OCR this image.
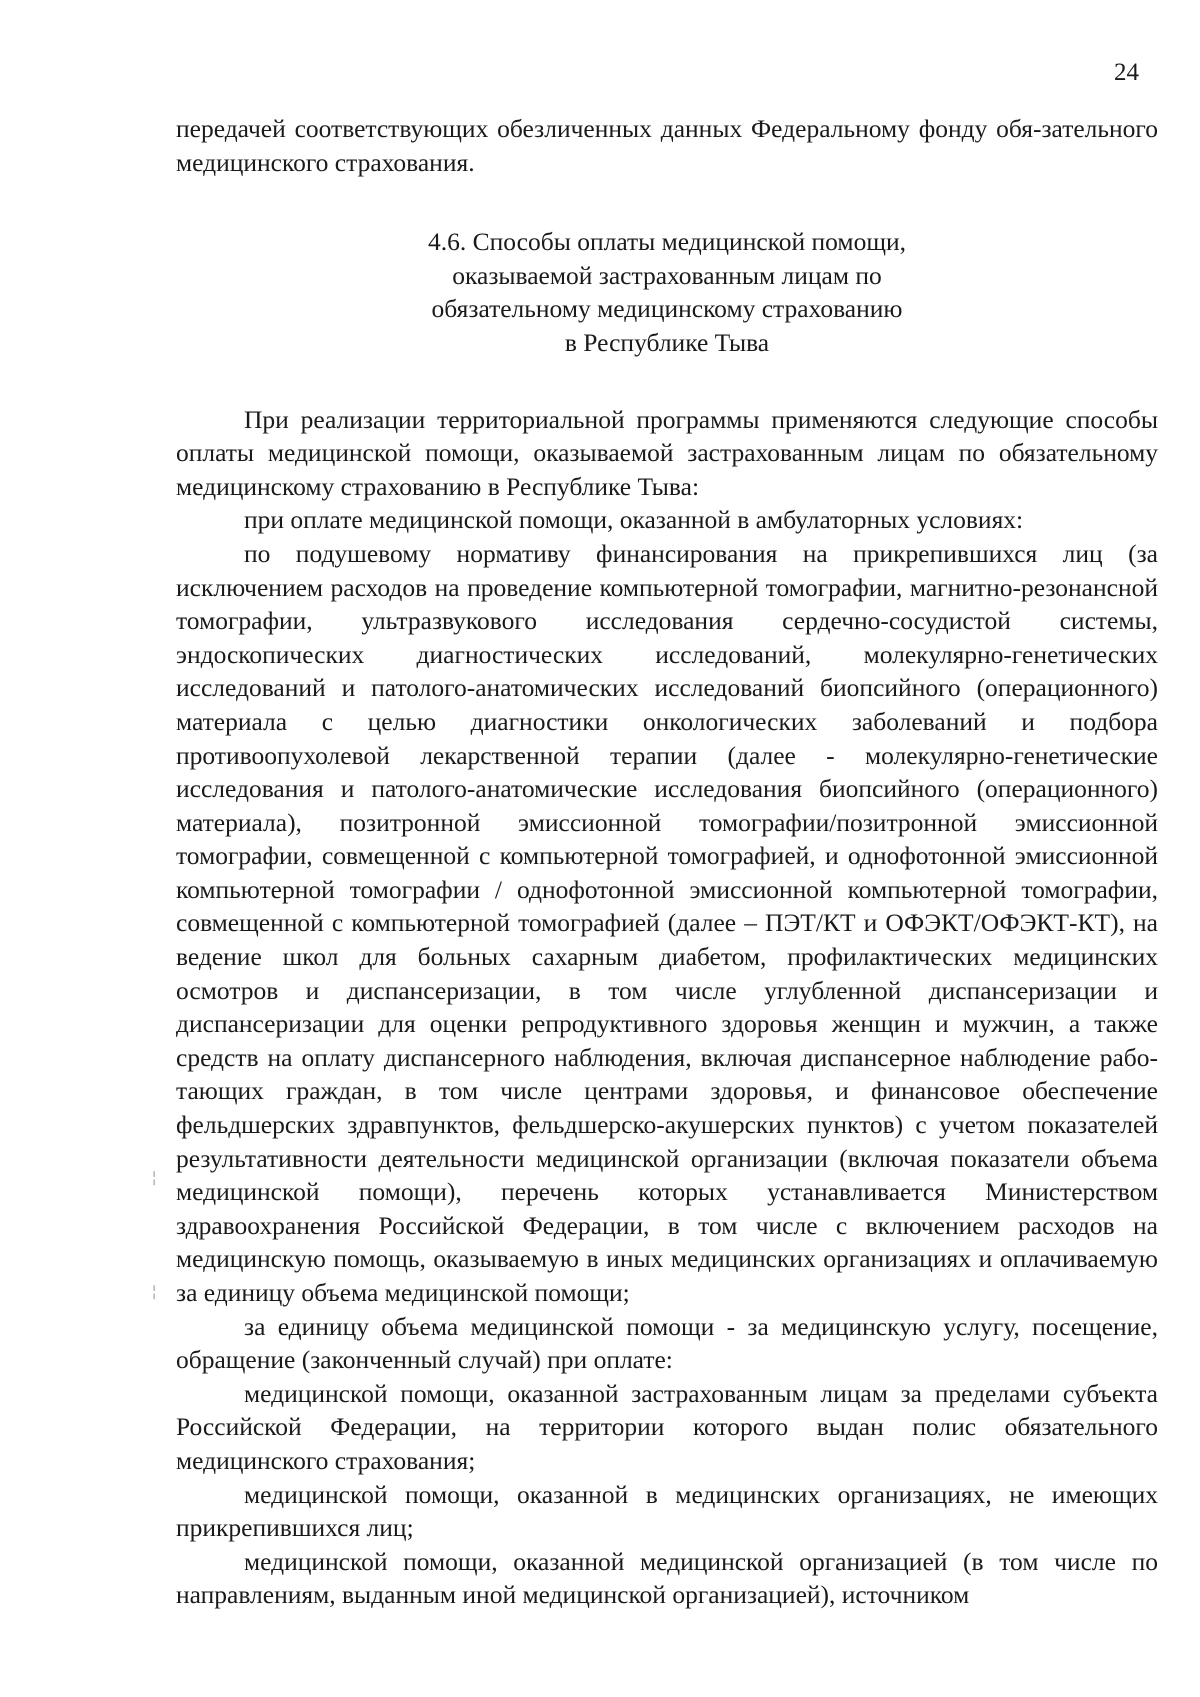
24

передачей соответствующих обезличенных данных Федеральному фонду обя-зательного медицинского страхования.

4.6. Способы оплаты медицинской помощи,
оказываемой застрахованным лицам по
обязательному медицинскому страхованию
в Республике Тыва

При реализации территориальной программы применяются следующие способы оплаты медицинской помощи, оказываемой застрахованным лицам по обязательному медицинскому страхованию в Республике Тыва:

при оплате медицинской помощи, оказанной в амбулаторных условиях:

по подушевому нормативу финансирования на прикрепившихся лиц (за исключением расходов на проведение компьютерной томографии, магнитно-резонансной томографии, ультразвукового исследования сердечно-сосудистой системы, эндоскопических диагностических исследований, молекулярно-генетических исследований и патолого-анатомических исследований биопсийного (операционного) материала с целью диагностики онкологических заболеваний и подбора противоопухолевой лекарственной терапии (далее - молекулярно-генетические исследования и патолого-анатомические исследования биопсийного (операционного) материала), позитронной эмиссионной томографии/позитронной эмиссионной томографии, совмещенной с компьютерной томографией, и однофотонной эмиссионной компьютерной томографии / однофотонной эмиссионной компьютерной томографии, совмещенной с компьютерной томографией (далее – ПЭТ/КТ и ОФЭКТ/ОФЭКТ-КТ), на ведение школ для больных сахарным диабетом, профилактических медицинских осмотров и диспансеризации, в том числе углубленной диспансеризации и диспансеризации для оценки репродуктивного здоровья женщин и мужчин, а также средств на оплату диспансерного наблюдения, включая диспансерное наблюдение работающих граждан, в том числе центрами здоровья, и финансовое обеспечение фельдшерских здравпунктов, фельдшерско-акушерских пунктов) с учетом показателей результативности деятельности медицинской организации (включая показатели объема медицинской помощи), перечень которых устанавливается Министерством здравоохранения Российской Федерации, в том числе с включением расходов на медицинскую помощь, оказываемую в иных медицинских организациях и оплачиваемую за единицу объема медицинской помощи;

за единицу объема медицинской помощи - за медицинскую услугу, посещение, обращение (законченный случай) при оплате:

медицинской помощи, оказанной застрахованным лицам за пределами субъекта Российской Федерации, на территории которого выдан полис обязательного медицинского страхования;

медицинской помощи, оказанной в медицинских организациях, не имеющих прикрепившихся лиц;

медицинской помощи, оказанной медицинской организацией (в том числе по направлениям, выданным иной медицинской организацией), источником

╎
╎
